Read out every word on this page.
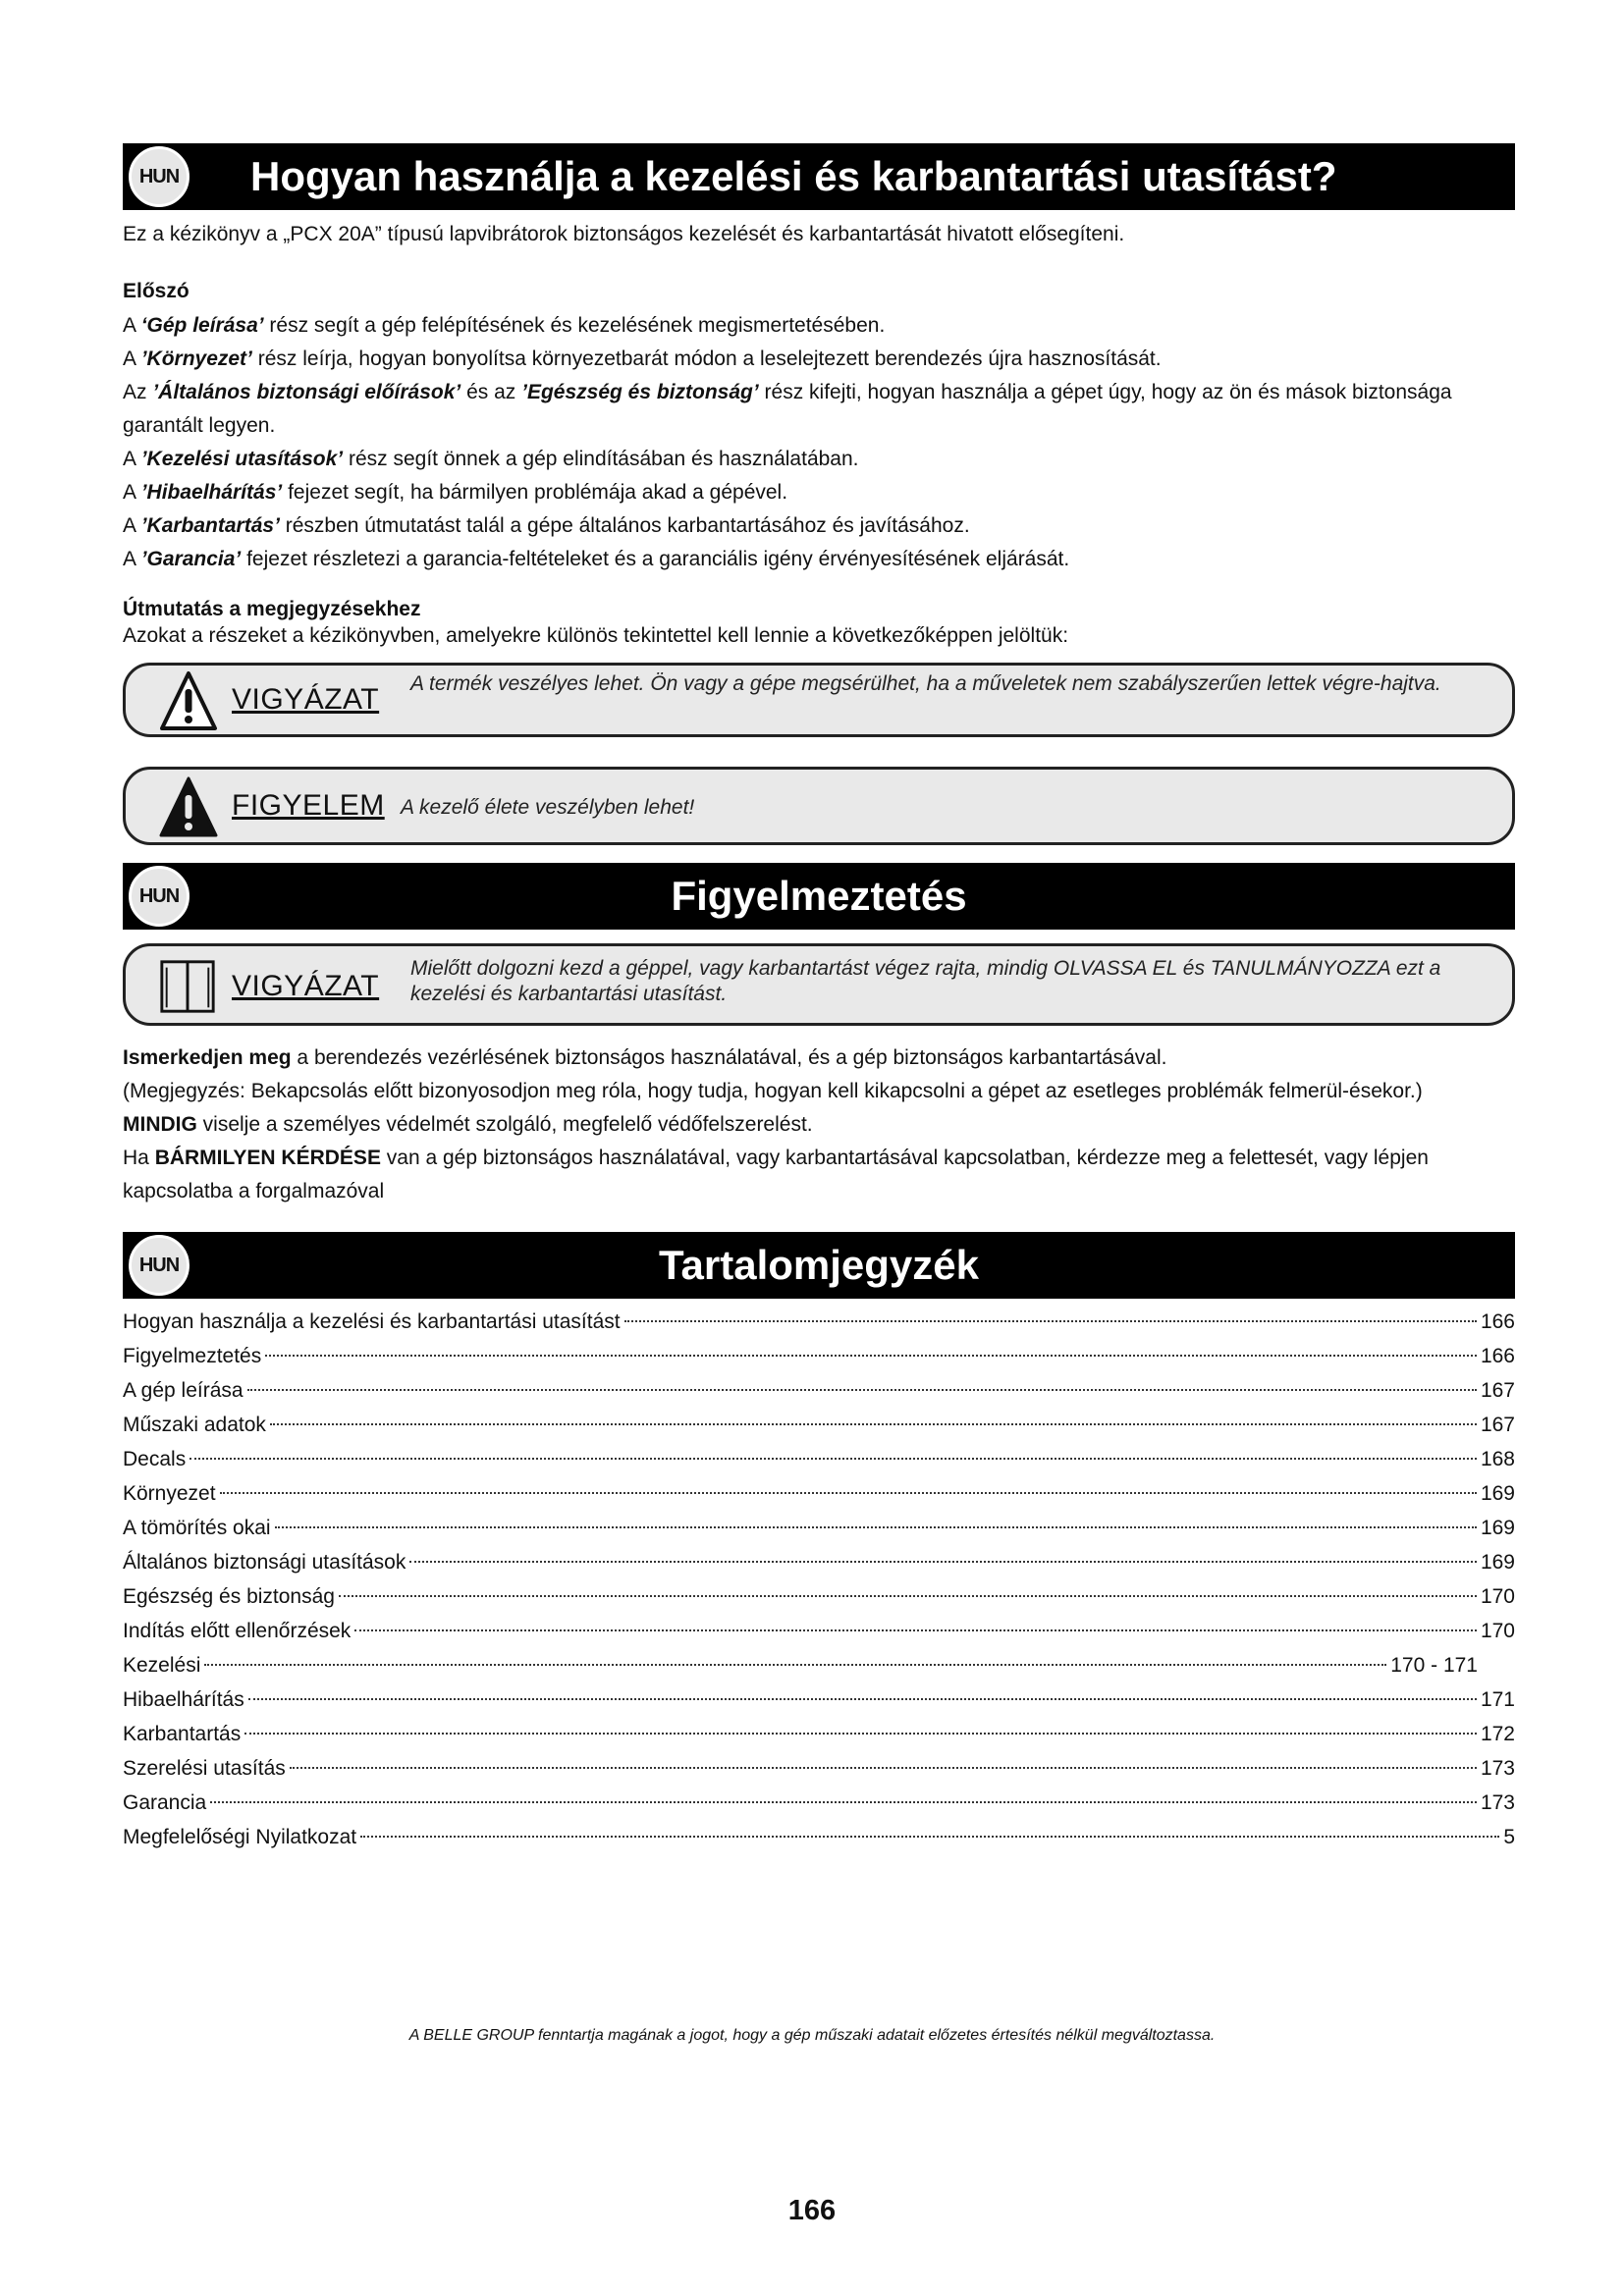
HUN Hogyan használja a kezelési és karbantartási utasítást?

Ez a kézikönyv a „PCX 20A” típusú lapvibrátorok biztonságos kezelését és karbantartását hivatott elősegíteni.

Előszó

A ‘Gép leírása’ rész segít a gép felépítésének és kezelésének megismertetésében.

A ’Környezet’ rész leírja, hogyan bonyolítsa környezetbarát módon a leselejtezett berendezés újra hasznosítását.

Az ’Általános biztonsági előírások’ és az ’Egészség és biztonság’ rész kifejti, hogyan használja a gépet úgy, hogy az ön és mások biztonsága garantált legyen.

A ’Kezelési utasítások’ rész segít önnek a gép elindításában és használatában.

A ’Hibaelhárítás’ fejezet segít, ha bármilyen problémája akad a gépével.

A ’Karbantartás’ részben útmutatást talál a gépe általános karbantartásához és javításához.

A ’Garancia’ fejezet részletezi a garancia-feltételeket és a garanciális igény érvényesítésének eljárását.

Útmutatás a megjegyzésekhez

Azokat a részeket a kézikönyvben, amelyekre különös tekintettel kell lennie a következőképpen jelöltük:

VIGYÁZAT A termék veszélyes lehet. Ön vagy a gépe megsérülhet, ha a műveletek nem szabályszerűen lettek végre-hajtva.
FIGYELEM A kezelő élete veszélyben lehet!
HUN	Figyelmeztetés
VIGYÁZAT
Mielőtt dolgozni kezd a géppel, vagy karbantartást végez rajta, mindig OLVASSA EL és TANULMÁNYOZZA ezt a kezelési és karbantartási utasítást.

Ismerkedjen meg a berendezés vezérlésének biztonságos használatával, és a gép biztonságos karbantartásával.

(Megjegyzés: Bekapcsolás előtt bizonyosodjon meg róla, hogy tudja, hogyan kell kikapcsolni a gépet az esetleges problémák felmerül-ésekor.)

MINDIG viselje a személyes védelmét szolgáló, megfelelő védőfelszerelést.

Ha BÁRMILYEN KÉRDÉSE van a gép biztonságos használatával, vagy karbantartásával kapcsolatban, kérdezze meg a felettesét, vagy lépjen kapcsolatba a forgalmazóval

HUN	Tartalomjegyzék
Hogyan használja a kezelési és karbantartási utasítást	166
Figyelmeztetés	166
A gép leírása	167
Műszaki adatok	167
Decals	168
Környezet	169
A tömörítés okai	169
Általános biztonsági utasítások	169
Egészség és biztonság	170
Indítás előtt ellenőrzések	170
Kezelési	170 - 171
Hibaelhárítás	171
Karbantartás	172
Szerelési utasítás	173
Garancia	173
Megfelelőségi Nyilatkozat	5
A BELLE GROUP fenntartja magának a jogot, hogy a gép műszaki adatait előzetes értesítés nélkül megváltoztassa.
166
